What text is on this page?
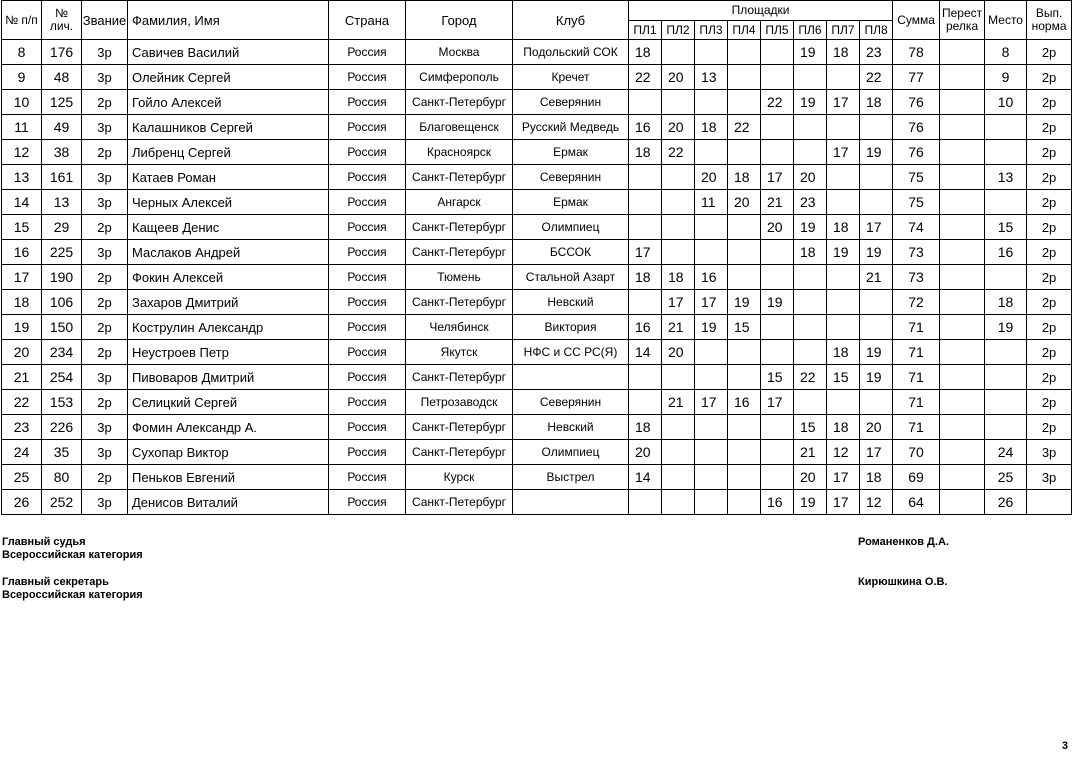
№ п/п	№ лич.	Звание	Фамилия, Имя	Страна	Город	Клуб	Площадки								Сумма	Перест релка	Место	Вып. норма
							ПЛ1	ПЛ2	ПЛ3	ПЛ4	ПЛ5	ПЛ6	ПЛ7	ПЛ8				
8	176	3р	Савичев Василий	Россия	Москва	Подольский СОК	18					19	18	23	78		8	2р
9	48	3р	Олейник Сергей	Россия	Симферополь	Кречет	22	20	13					22	77		9	2р
10	125	2р	Гойло Алексей	Россия	Санкт-Петербург	Северянин					22	19	17	18	76		10	2р
11	49	3р	Калашников Сергей	Россия	Благовещенск	Русский Медведь	16	20	18	22					76			2р
12	38	2р	Либренц Сергей	Россия	Красноярск	Ермак	18	22					17	19	76			2р
13	161	3р	Катаев Роман	Россия	Санкт-Петербург	Северянин			20	18	17	20			75		13	2р
14	13	3р	Черных Алексей	Россия	Ангарск	Ермак			11	20	21	23			75			2р
15	29	2р	Кащеев Денис	Россия	Санкт-Петербург	Олимпиец					20	19	18	17	74		15	2р
16	225	3р	Маслаков Андрей	Россия	Санкт-Петербург	БССОК	17					18	19	19	73		16	2р
17	190	2р	Фокин Алексей	Россия	Тюмень	Стальной Азарт	18	18	16					21	73			2р
18	106	2р	Захаров Дмитрий	Россия	Санкт-Петербург	Невский		17	17	19	19				72		18	2р
19	150	2р	Кострулин Александр	Россия	Челябинск	Виктория	16	21	19	15					71		19	2р
20	234	2р	Неустроев Петр	Россия	Якутск	НФС и СС РС(Я)	14	20					18	19	71			2р
21	254	3р	Пивоваров Дмитрий	Россия	Санкт-Петербург						15	22	15	19	71			2р
22	153	2р	Селицкий Сергей	Россия	Петрозаводск	Северянин		21	17	16	17				71			2р
23	226	3р	Фомин Александр А.	Россия	Санкт-Петербург	Невский	18					15	18	20	71			2р
24	35	3р	Сухопар Виктор	Россия	Санкт-Петербург	Олимпиец	20					21	12	17	70		24	3р
25	80	2р	Пеньков Евгений	Россия	Курск	Выстрел	14					20	17	18	69		25	3р
26	252	3р	Денисов Виталий	Россия	Санкт-Петербург						16	19	17	12	64		26	
Главный судья
Всероссийская категория
Романенков Д.А.
Главный секретарь
Всероссийская категория
Кирюшкина О.В.
3
